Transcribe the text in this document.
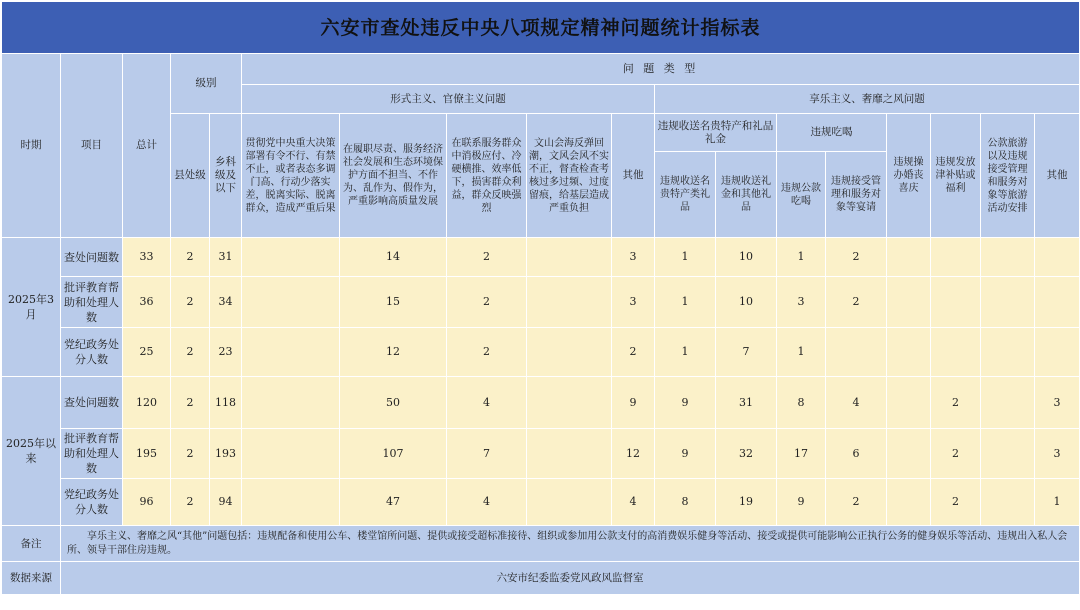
六安市查处违反中央八项规定精神问题统计指标表																	
时期	项目	总计	级别		问 题 类 型												
					形式主义、官僚主义问题					享乐主义、奢靡之风问题							
			县处级	乡科级及以下	贯彻党中央重大决策部署有令不行、有禁不止，或者表态多调门高、行动少落实差，脱离实际、脱离群众，造成严重后果	在履职尽责、服务经济社会发展和生态环境保护方面不担当、不作为、乱作为、假作为，严重影响高质量发展	在联系服务群众中消极应付、冷硬横推、效率低下，损害群众利益，群众反映强烈	文山会海反弹回潮，文风会风不实不正，督查检查考核过多过频、过度留痕，给基层造成严重负担	其他	违规收送名贵特产和礼品礼金		违规吃喝		违规操办婚丧喜庆	违规发放津补贴或福利	公款旅游以及违规接受管理和服务对象等旅游活动安排	其他
										违规收送名贵特产类礼品	违规收送礼金和其他礼品	违规公款吃喝	违规接受管理和服务对象等宴请				
2025年3月	查处问题数	33	2	31		14	2		3	1	10	1	2				
	批评教育帮助和处理人数	36	2	34		15	2		3	1	10	3	2				
	党纪政务处分人数	25	2	23		12	2		2	1	7	1					
2025年以来	查处问题数	120	2	118		50	4		9	9	31	8	4		2		3
	批评教育帮助和处理人数	195	2	193		107	7		12	9	32	17	6		2		3
	党纪政务处分人数	96	2	94		47	4		4	8	19	9	2		2		1
备注	享乐主义、奢靡之风“其他”问题包括：违规配备和使用公车、楼堂馆所问题、提供或接受超标准接待、组织或参加用公款支付的高消费娱乐健身等活动、接受或提供可能影响公正执行公务的健身娱乐等活动、违规出入私人会所、领导干部住房违规。																
数据来源	六安市纪委监委党风政风监督室																
